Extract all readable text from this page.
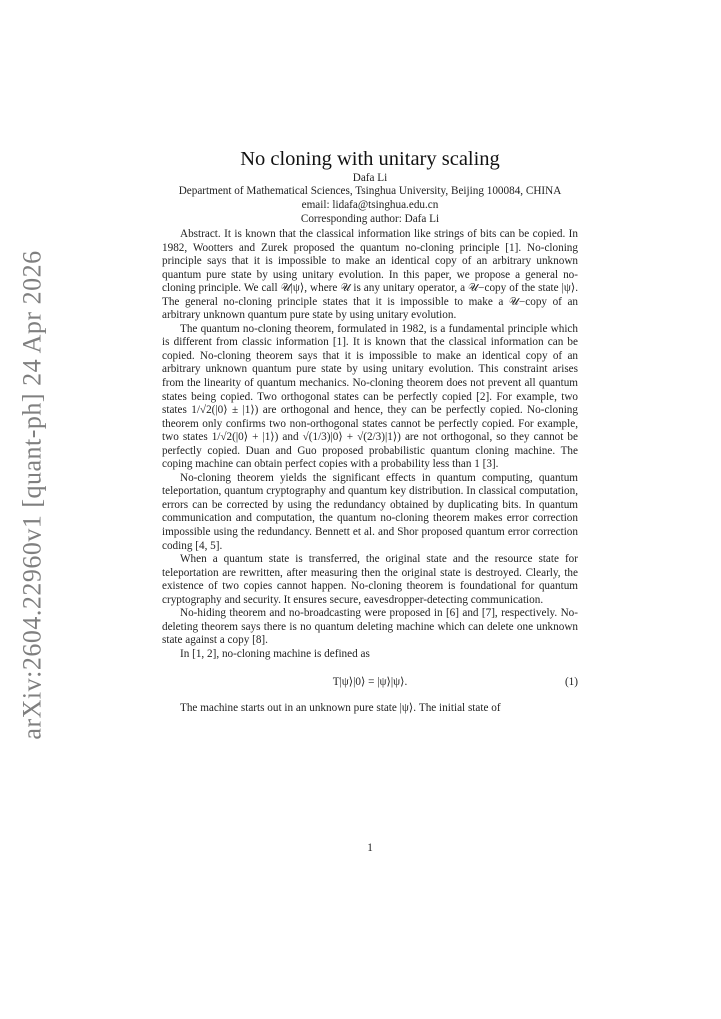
arXiv:2604.22960v1 [quant-ph] 24 Apr 2026
No cloning with unitary scaling
Dafa Li
Department of Mathematical Sciences, Tsinghua University, Beijing 100084, CHINA
email: lidafa@tsinghua.edu.cn
Corresponding author: Dafa Li

Abstract. It is known that the classical information like strings of bits can be copied. In 1982, Wootters and Zurek proposed the quantum no-cloning principle [1]. No-cloning principle says that it is impossible to make an identical copy of an arbitrary unknown quantum pure state by using unitary evolution. In this paper, we propose a general no-cloning principle. We call 𝒰|ψ⟩, where 𝒰 is any unitary operator, a 𝒰−copy of the state |ψ⟩. The general no-cloning principle states that it is impossible to make a 𝒰−copy of an arbitrary unknown quantum pure state by using unitary evolution.

The quantum no-cloning theorem, formulated in 1982, is a fundamental principle which is different from classic information [1]. It is known that the classical information can be copied. No-cloning theorem says that it is impossible to make an identical copy of an arbitrary unknown quantum pure state by using unitary evolution. This constraint arises from the linearity of quantum mechanics. No-cloning theorem does not prevent all quantum states being copied. Two orthogonal states can be perfectly copied [2]. For example, two states 1/√2(|0⟩ ± |1⟩) are orthogonal and hence, they can be perfectly copied. No-cloning theorem only confirms two non-orthogonal states cannot be perfectly copied. For example, two states 1/√2(|0⟩ + |1⟩) and √(1/3)|0⟩ + √(2/3)|1⟩) are not orthogonal, so they cannot be perfectly copied. Duan and Guo proposed probabilistic quantum cloning machine. The coping machine can obtain perfect copies with a probability less than 1 [3].

No-cloning theorem yields the significant effects in quantum computing, quantum teleportation, quantum cryptography and quantum key distribution. In classical computation, errors can be corrected by using the redundancy obtained by duplicating bits. In quantum communication and computation, the quantum no-cloning theorem makes error correction impossible using the redundancy. Bennett et al. and Shor proposed quantum error correction coding [4, 5].

When a quantum state is transferred, the original state and the resource state for teleportation are rewritten, after measuring then the original state is destroyed. Clearly, the existence of two copies cannot happen. No-cloning theorem is foundational for quantum cryptography and security. It ensures secure, eavesdropper-detecting communication.

No-hiding theorem and no-broadcasting were proposed in [6] and [7], respectively. No-deleting theorem says there is no quantum deleting machine which can delete one unknown state against a copy [8].

In [1, 2], no-cloning machine is defined as

T|ψ⟩|0⟩ = |ψ⟩|ψ⟩.	(1)

The machine starts out in an unknown pure state |ψ⟩. The initial state of

1
